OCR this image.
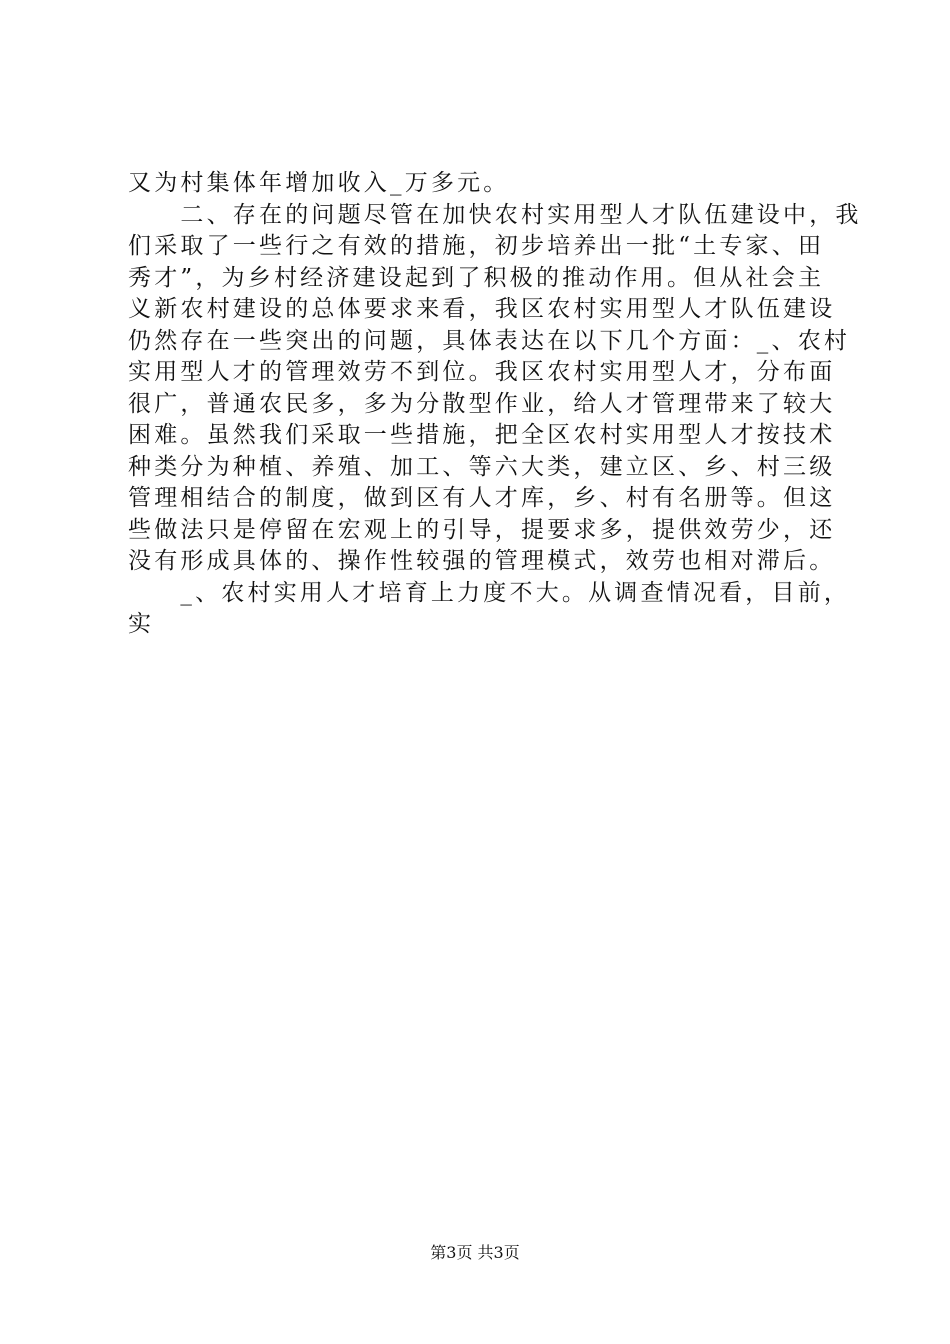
又为村集体年增加收入_万多元。
　　二、存在的问题尽管在加快农村实用型人才队伍建设中，我
们采取了一些行之有效的措施，初步培养出一批“土专家、田
秀才”，为乡村经济建设起到了积极的推动作用。但从社会主
义新农村建设的总体要求来看，我区农村实用型人才队伍建设
仍然存在一些突出的问题，具体表达在以下几个方面：_、农村
实用型人才的管理效劳不到位。我区农村实用型人才，分布面
很广，普通农民多，多为分散型作业，给人才管理带来了较大
困难。虽然我们采取一些措施，把全区农村实用型人才按技术
种类分为种植、养殖、加工、等六大类，建立区、乡、村三级
管理相结合的制度，做到区有人才库，乡、村有名册等。但这
些做法只是停留在宏观上的引导，提要求多，提供效劳少，还
没有形成具体的、操作性较强的管理模式，效劳也相对滞后。
　　_、农村实用人才培育上力度不大。从调查情况看，目前，
实
第3页 共3页
